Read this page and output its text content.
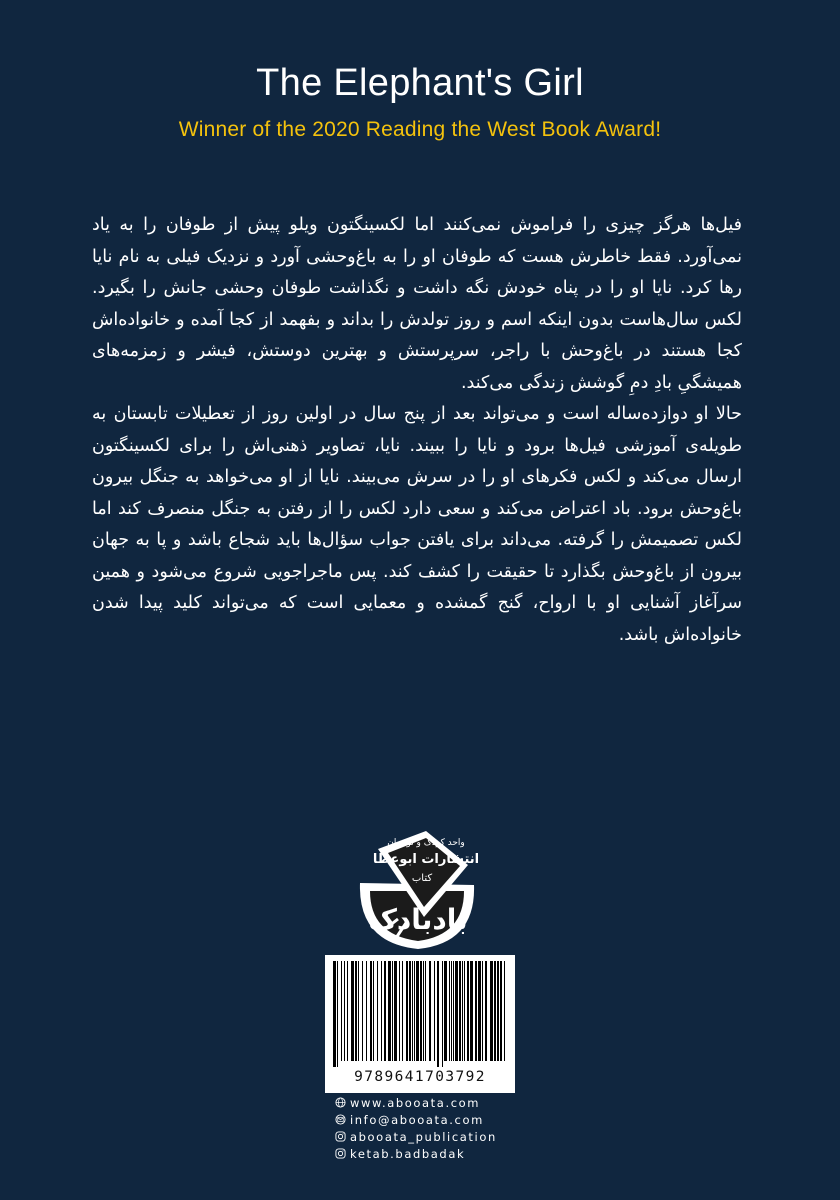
The Elephant's Girl
Winner of the 2020 Reading the West Book Award!

فیل‌ها هرگز چیزی را فراموش نمی‌کنند اما لکسینگتون ویلو پیش از طوفان را به یاد نمی‌آورد. فقط خاطرش هست که طوفان او را به باغ‌وحشی آورد و نزدیک فیلی به نام نایا رها کرد. نایا او را در پناه خودش نگه داشت و نگذاشت طوفان وحشی جانش را بگیرد. لکس سال‌هاست بدون اینکه اسم و روز تولدش را بداند و بفهمد از کجا آمده و خانواده‌اش کجا هستند در باغ‌وحش با راجر، سرپرستش و بهترین دوستش، فیشر و زمزمه‌های همیشگیِ بادِ دمِ گوشش زندگی می‌کند.

حالا او دوازده‌ساله است و می‌تواند بعد از پنج سال در اولین روز از تعطیلات تابستان به طویله‌ی آموزشی فیل‌ها برود و نایا را ببیند. نایا، تصاویر ذهنی‌اش را برای لکسینگتون ارسال می‌کند و لکس فکرهای او را در سرش می‌بیند. نایا از او می‌خواهد به جنگل بیرون باغ‌وحش برود. باد اعتراض می‌کند و سعی دارد لکس را از رفتن به جنگل منصرف کند اما لکس تصمیمش را گرفته. می‌داند برای یافتن جواب سؤال‌ها باید شجاع باشد و پا به جهان بیرون از باغ‌وحش بگذارد تا حقیقت را کشف کند. پس ماجراجویی شروع می‌شود و همین سرآغاز آشنایی او با ارواح، گنج گمشده و معمایی است که می‌تواند کلید پیدا شدن خانواده‌اش باشد.

واحد کودک و نوجوان
انتشارات ابوعطا
کتاب
بادبادک
9789641703792
www.abooata.com
info@abooata.com
abooata_publication
ketab.badbadak
